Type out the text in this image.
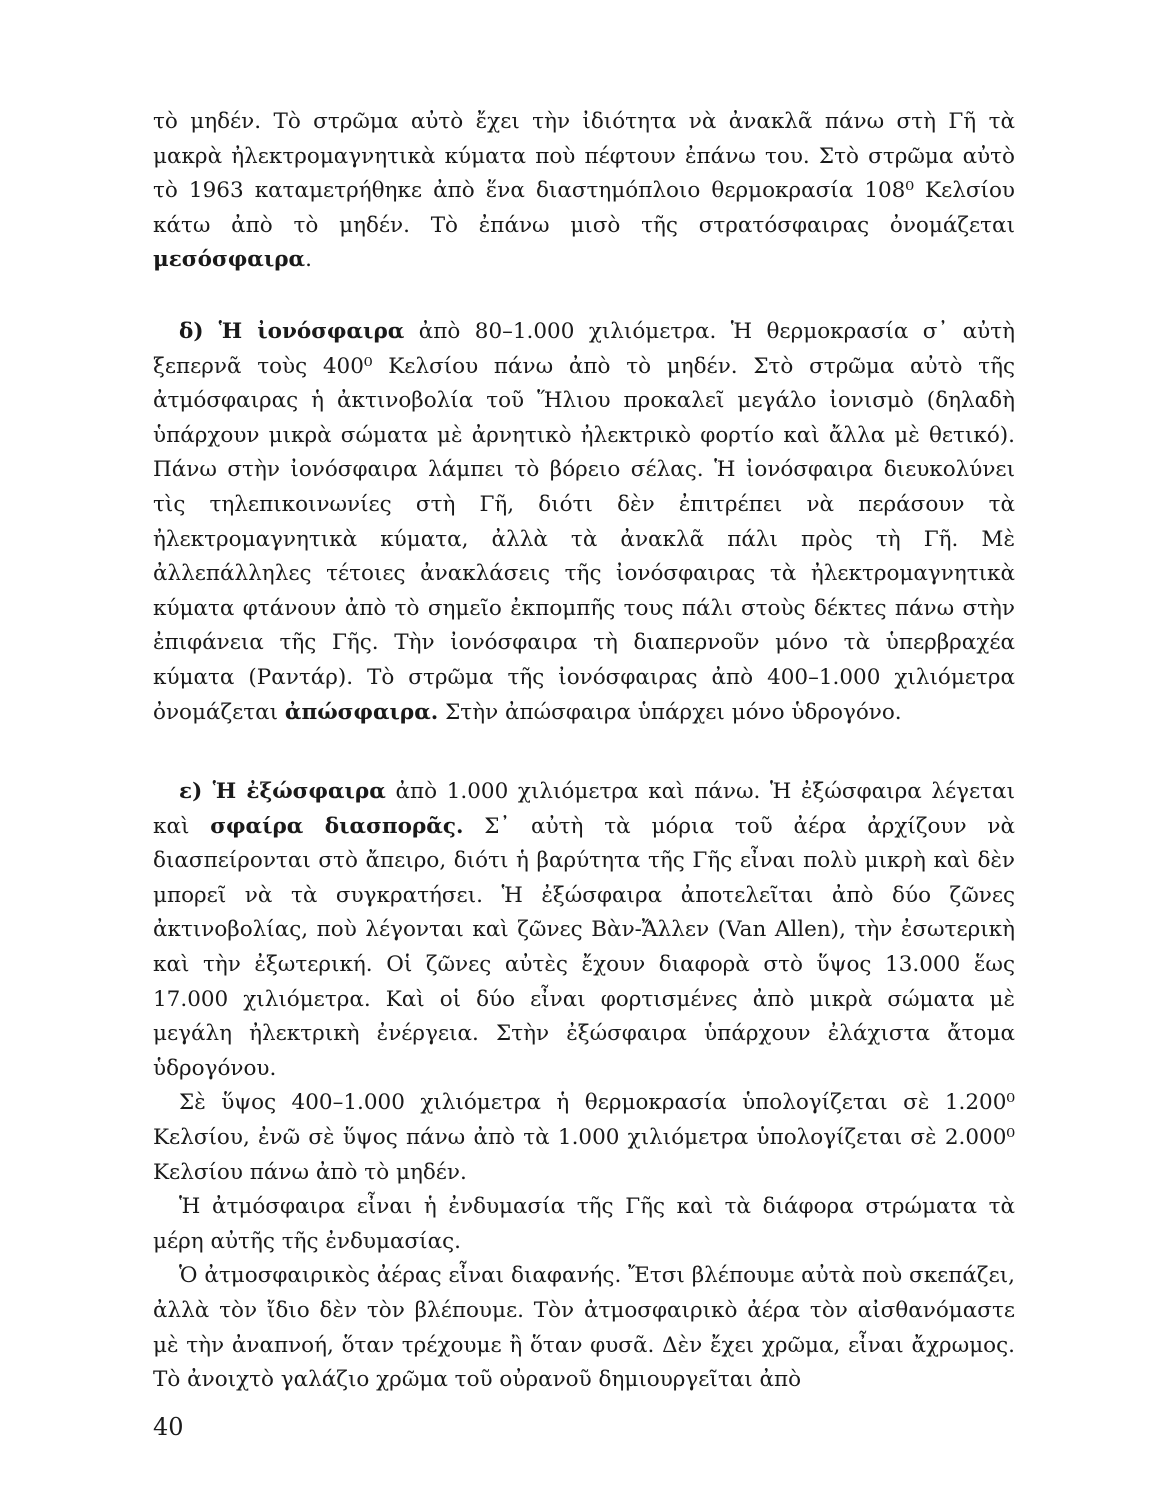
τὸ μηδέν. Τὸ στρῶμα αὐτὸ ἔχει τὴν ἰδιότητα νὰ ἀνακλᾶ πάνω στὴ Γῆ τὰ μακρὰ ἠλεκτρομαγνητικὰ κύματα ποὺ πέφτουν ἐπάνω του. Στὸ στρῶμα αὐτὸ τὸ 1963 καταμετρήθηκε ἀπὸ ἕνα διαστημόπλοιο θερμοκρασία 108⁰ Κελσίου κάτω ἀπὸ τὸ μηδέν. Τὸ ἐπάνω μισὸ τῆς στρατόσφαιρας ὀνομάζεται μεσόσφαιρα.

δ) Ἡ ἰονόσφαιρα ἀπὸ 80–1.000 χιλιόμετρα. Ἡ θερμοκρασία σ᾽ αὐτὴ ξεπερνᾶ τοὺς 400⁰ Κελσίου πάνω ἀπὸ τὸ μηδέν. Στὸ στρῶμα αὐτὸ τῆς ἀτμόσφαιρας ἡ ἀκτινοβολία τοῦ Ἥλιου προκαλεῖ μεγάλο ἰονισμὸ (δηλαδὴ ὑπάρχουν μικρὰ σώματα μὲ ἀρνητικὸ ἠλεκτρικὸ φορτίο καὶ ἄλλα μὲ θετικό). Πάνω στὴν ἰονόσφαιρα λάμπει τὸ βόρειο σέλας. Ἡ ἰονόσφαιρα διευκολύνει τὶς τηλεπικοινωνίες στὴ Γῆ, διότι δὲν ἐπιτρέπει νὰ περάσουν τὰ ἠλεκτρομαγνητικὰ κύματα, ἀλλὰ τὰ ἀνακλᾶ πάλι πρὸς τὴ Γῆ. Μὲ ἀλλεπάλληλες τέτοιες ἀνακλάσεις τῆς ἰονόσφαιρας τὰ ἠλεκτρομαγνητικὰ κύματα φτάνουν ἀπὸ τὸ σημεῖο ἐκπομπῆς τους πάλι στοὺς δέκτες πάνω στὴν ἐπιφάνεια τῆς Γῆς. Τὴν ἰονόσφαιρα τὴ διαπερνοῦν μόνο τὰ ὑπερβραχέα κύματα (Ραντάρ). Τὸ στρῶμα τῆς ἰονόσφαιρας ἀπὸ 400–1.000 χιλιόμετρα ὀνομάζεται ἀπώσφαιρα. Στὴν ἀπώσφαιρα ὑπάρχει μόνο ὑδρογόνο.

ε) Ἡ ἐξώσφαιρα ἀπὸ 1.000 χιλιόμετρα καὶ πάνω. Ἡ ἐξώσφαιρα λέγεται καὶ σφαίρα διασπορᾶς. Σ᾽ αὐτὴ τὰ μόρια τοῦ ἀέρα ἀρχίζουν νὰ διασπείρονται στὸ ἄπειρο, διότι ἡ βαρύτητα τῆς Γῆς εἶναι πολὺ μικρὴ καὶ δὲν μπορεῖ νὰ τὰ συγκρατήσει. Ἡ ἐξώσφαιρα ἀποτελεῖται ἀπὸ δύο ζῶνες ἀκτινοβολίας, ποὺ λέγονται καὶ ζῶνες Βὰν-Ἄλλεν (Van Allen), τὴν ἐσωτερικὴ καὶ τὴν ἐξωτερική. Οἱ ζῶνες αὐτὲς ἔχουν διαφορὰ στὸ ὕψος 13.000 ἕως 17.000 χιλιόμετρα. Καὶ οἱ δύο εἶναι φορτισμένες ἀπὸ μικρὰ σώματα μὲ μεγάλη ἠλεκτρικὴ ἐνέργεια. Στὴν ἐξώσφαιρα ὑπάρχουν ἐλάχιστα ἄτομα ὑδρογόνου.

Σὲ ὕψος 400–1.000 χιλιόμετρα ἡ θερμοκρασία ὑπολογίζεται σὲ 1.200⁰ Κελσίου, ἐνῶ σὲ ὕψος πάνω ἀπὸ τὰ 1.000 χιλιόμετρα ὑπολογίζεται σὲ 2.000⁰ Κελσίου πάνω ἀπὸ τὸ μηδέν.

Ἡ ἀτμόσφαιρα εἶναι ἡ ἐνδυμασία τῆς Γῆς καὶ τὰ διάφορα στρώματα τὰ μέρη αὐτῆς τῆς ἐνδυμασίας.

Ὁ ἀτμοσφαιρικὸς ἀέρας εἶναι διαφανής. Ἔτσι βλέπουμε αὐτὰ ποὺ σκεπάζει, ἀλλὰ τὸν ἴδιο δὲν τὸν βλέπουμε. Τὸν ἀτμοσφαιρικὸ ἀέρα τὸν αἰσθανόμαστε μὲ τὴν ἀναπνοή, ὅταν τρέχουμε ἢ ὅταν φυσᾶ. Δὲν ἔχει χρῶμα, εἶναι ἄχρωμος. Τὸ ἀνοιχτὸ γαλάζιο χρῶμα τοῦ οὐρανοῦ δημιουργεῖται ἀπὸ

40
